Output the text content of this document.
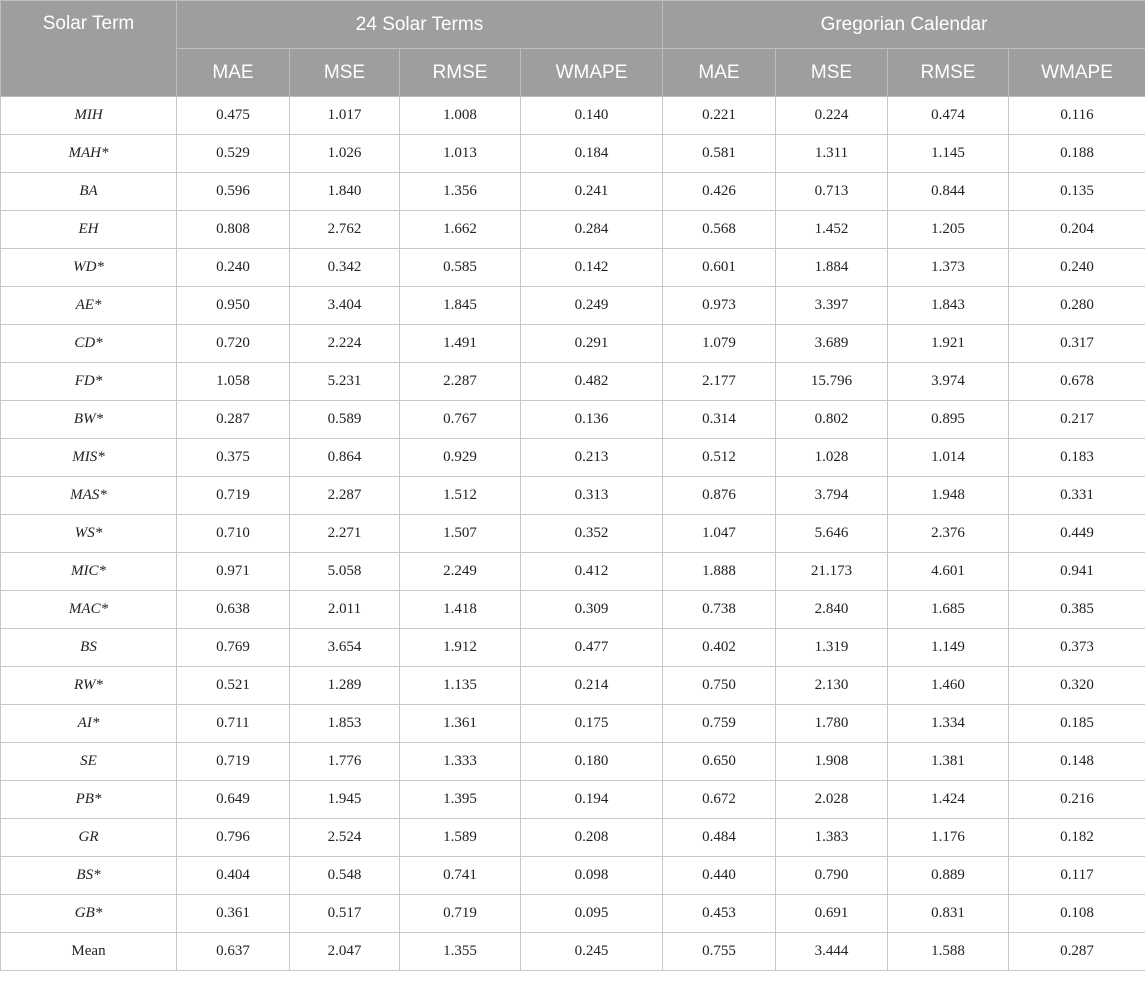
Solar Term	24 Solar Terms				Gregorian Calendar			
	MAE	MSE	RMSE	WMAPE	MAE	MSE	RMSE	WMAPE
MIH	0.475	1.017	1.008	0.140	0.221	0.224	0.474	0.116
MAH*	0.529	1.026	1.013	0.184	0.581	1.311	1.145	0.188
BA	0.596	1.840	1.356	0.241	0.426	0.713	0.844	0.135
EH	0.808	2.762	1.662	0.284	0.568	1.452	1.205	0.204
WD*	0.240	0.342	0.585	0.142	0.601	1.884	1.373	0.240
AE*	0.950	3.404	1.845	0.249	0.973	3.397	1.843	0.280
CD*	0.720	2.224	1.491	0.291	1.079	3.689	1.921	0.317
FD*	1.058	5.231	2.287	0.482	2.177	15.796	3.974	0.678
BW*	0.287	0.589	0.767	0.136	0.314	0.802	0.895	0.217
MIS*	0.375	0.864	0.929	0.213	0.512	1.028	1.014	0.183
MAS*	0.719	2.287	1.512	0.313	0.876	3.794	1.948	0.331
WS*	0.710	2.271	1.507	0.352	1.047	5.646	2.376	0.449
MIC*	0.971	5.058	2.249	0.412	1.888	21.173	4.601	0.941
MAC*	0.638	2.011	1.418	0.309	0.738	2.840	1.685	0.385
BS	0.769	3.654	1.912	0.477	0.402	1.319	1.149	0.373
RW*	0.521	1.289	1.135	0.214	0.750	2.130	1.460	0.320
AI*	0.711	1.853	1.361	0.175	0.759	1.780	1.334	0.185
SE	0.719	1.776	1.333	0.180	0.650	1.908	1.381	0.148
PB*	0.649	1.945	1.395	0.194	0.672	2.028	1.424	0.216
GR	0.796	2.524	1.589	0.208	0.484	1.383	1.176	0.182
BS*	0.404	0.548	0.741	0.098	0.440	0.790	0.889	0.117
GB*	0.361	0.517	0.719	0.095	0.453	0.691	0.831	0.108
Mean	0.637	2.047	1.355	0.245	0.755	3.444	1.588	0.287
